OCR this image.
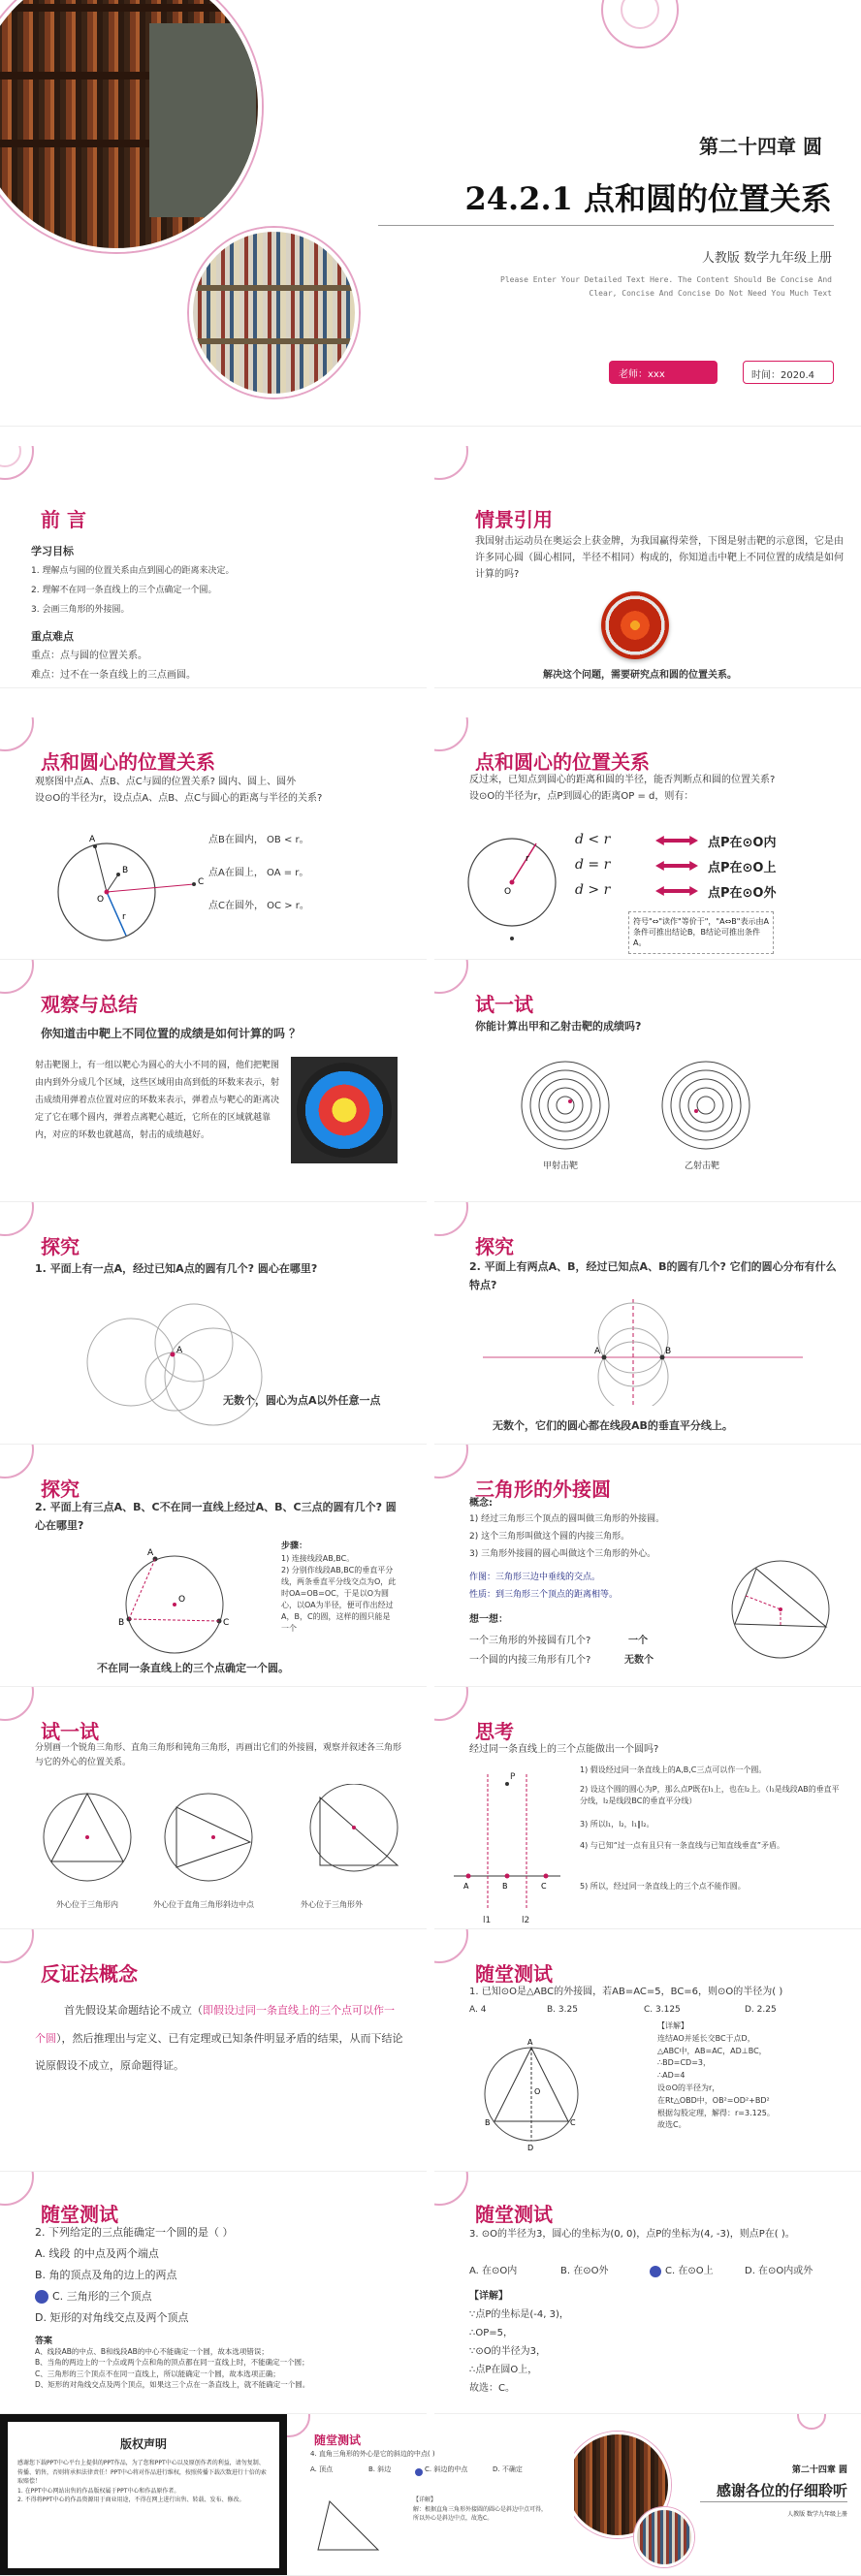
第二十四章 圆
24.2.1 点和圆的位置关系
人教版 数学九年级上册
Please Enter Your Detailed Text Here. The Content Should Be Concise And Clear, Concise And Concise Do Not Need You Much Text
老师：xxx	时间：2020.4
前 言
学习目标
1. 理解点与圆的位置关系由点到圆心的距离来决定。
2. 理解不在同一条直线上的三个点确定一个圆。
3. 会画三角形的外接圆。
重点难点
重点：点与圆的位置关系。
难点：过不在一条直线上的三点画圆。
情景引用
我国射击运动员在奥运会上获金牌，为我国赢得荣誉，下图是射击靶的示意图，它是由许多同心圆（圆心相同，半径不相同）构成的，你知道击中靶上不同位置的成绩是如何计算的吗?
解决这个问题，需要研究点和圆的位置关系。
点和圆心的位置关系
观察图中点A、点B、点C与圆的位置关系? 圆内、圆上、圆外
设⊙O的半径为r，设点点A、点B、点C与圆心的距离与半径的关系?
A
B
C
O
r
点B在圆内， OB < r。
点A在圆上， OA = r。
点C在圆外， OC > r。
点和圆心的位置关系
反过来，已知点到圆心的距离和圆的半径，能否判断点和圆的位置关系?
设⊙O的半径为r，点P到圆心的距离OP = d，则有：
O
r
d < r
d = r
d > r
点P在⊙O内
点P在⊙O上
点P在⊙O外
符号"⇔"读作"等价于"，"A⇔B"表示由A条件可推出结论B，B结论可推出条件A。
观察与总结
你知道击中靶上不同位置的成绩是如何计算的吗 ？
射击靶图上，有一组以靶心为圆心的大小不同的圆，他们把靶图由内到外分成几个区域，这些区域用由高到低的环数来表示，射击成绩用弹着点位置对应的环数来表示，弹着点与靶心的距离决定了它在哪个圆内，弹着点离靶心越近，它所在的区域就越靠内，对应的环数也就越高，射击的成绩越好。
试一试
你能计算出甲和乙射击靶的成绩吗?
甲射击靶	乙射击靶
探究
1. 平面上有一点A，经过已知A点的圆有几个? 圆心在哪里?
A
无数个，圆心为点A以外任意一点
探究
2. 平面上有两点A、B，经过已知点A、B的圆有几个? 它们的圆心分布有什么特点?
A	B
无数个，它们的圆心都在线段AB的垂直平分线上。
探究
2. 平面上有三点A、B、C不在同一直线上经过A、B、C三点的圆有几个? 圆心在哪里?
A
B	C
O
步骤：
1) 连接线段AB,BC。
2) 分别作线段AB,BC的垂直平分线，两条垂直平分线交点为O，此时OA=OB=OC，于是以O为圆心，以OA为半径，便可作出经过A，B，C的圆，这样的圆只能是一个
不在同一条直线上的三个点确定一个圆。
三角形的外接圆
概念:
1) 经过三角形三个顶点的圆叫做三角形的外接圆。
2) 这个三角形叫做这个圆的内接三角形。
3) 三角形外接圆的圆心叫做这个三角形的外心。
作图：三角形三边中垂线的交点。
性质：到三角形三个顶点的距离相等。
想一想：
一个三角形的外接圆有几个?	一个
一个圆的内接三角形有几个?	无数个
试一试
分别画一个锐角三角形、直角三角形和钝角三角形，再画出它们的外接圆，观察并叙述各三角形与它的外心的位置关系。
外心位于三角形内	外心位于直角三角形斜边中点	外心位于三角形外
思考
经过同一条直线上的三个点能做出一个圆吗?
A	B	C
P
l1	l2
1) 假设经过同一条直线上的A,B,C三点可以作一个圆。
2) 设这个圆的圆心为P，那么点P既在l₁上，也在l₂上。（l₁是线段AB的垂直平分线，l₂是线段BC的垂直平分线）
3) 所以l₁，l₂，l₁∥l₂。
4) 与已知“过一点有且只有一条直线与已知直线垂直”矛盾。
5) 所以，经过同一条直线上的三个点不能作圆。
反证法概念
首先假设某命题结论不成立（即假设过同一条直线上的三个点可以作一个圆），然后推理出与定义、已有定理或已知条件明显矛盾的结果，从而下结论说原假设不成立，原命题得证。
随堂测试
1. 已知⊙O是△ABC的外接圆，若AB=AC=5，BC=6，则⊙O的半径为( )
A. 4	B. 3.25	C. 3.125	D. 2.25
A
B	C
D
O
【详解】
连结AO并延长交BC于点D，
△ABC中，AB=AC，AD⊥BC，
∴BD=CD=3，
∴AD=4
设⊙O的半径为r，
在Rt△OBD中，OB²=OD²+BD²
根据勾股定理，解得：r=3.125。
故选C。
随堂测试
2. 下列给定的三点能确定一个圆的是（ ）
A. 线段 的中点及两个端点
B. 角的顶点及角的边上的两点
C. 三角形的三个顶点
D. 矩形的对角线交点及两个顶点
答案
A、线段AB的中点、B和线段AB的中心不能确定一个圆，故本选项错误；
B、当角的两边上的一个点或两个点和角的顶点都在同一直线上时，不能确定一个圆；
C、三角形的三个顶点不在同一直线上，所以能确定一个圆，故本选项正确；
D、矩形的对角线交点及两个顶点，如果这三个点在一条直线上，就不能确定一个圆。
随堂测试
3. ⊙O的半径为3，圆心的坐标为(0, 0)，点P的坐标为(4, -3)，则点P在( )。
A. 在⊙O内	B. 在⊙O外	C. 在⊙O上	D. 在⊙O内或外
【详解】
∵点P的坐标是(-4, 3)，
∴OP=5，
∵⊙O的半径为3，
∴点P在圆O上，
故选：C。
版权声明
感谢您下载PPT中心平台上提供的PPT作品，为了您和PPT中心以及原创作者的利益，请勿复制、传播、销售，否则将承担法律责任！PPT中心将对作品进行维权，按照传播下载次数进行十倍的索取赔偿！
1. 在PPT中心网站出售的作品版权属于PPT中心和作品原作者。
2. 不得将PPT中心的作品资源用于商业用途，不得在网上进行出售、转载、发布、修改。
随堂测试
4. 直角三角形的外心是它的斜边的中点( )
A. 顶点	B. 斜边	C. 斜边的中点	D. 不确定
【详解】
解：根据直角三角形外接圆的圆心是斜边中点可得，
所以外心是斜边中点，故选C。
第二十四章 圆
感谢各位的仔细聆听
人教版 数学九年级上册
